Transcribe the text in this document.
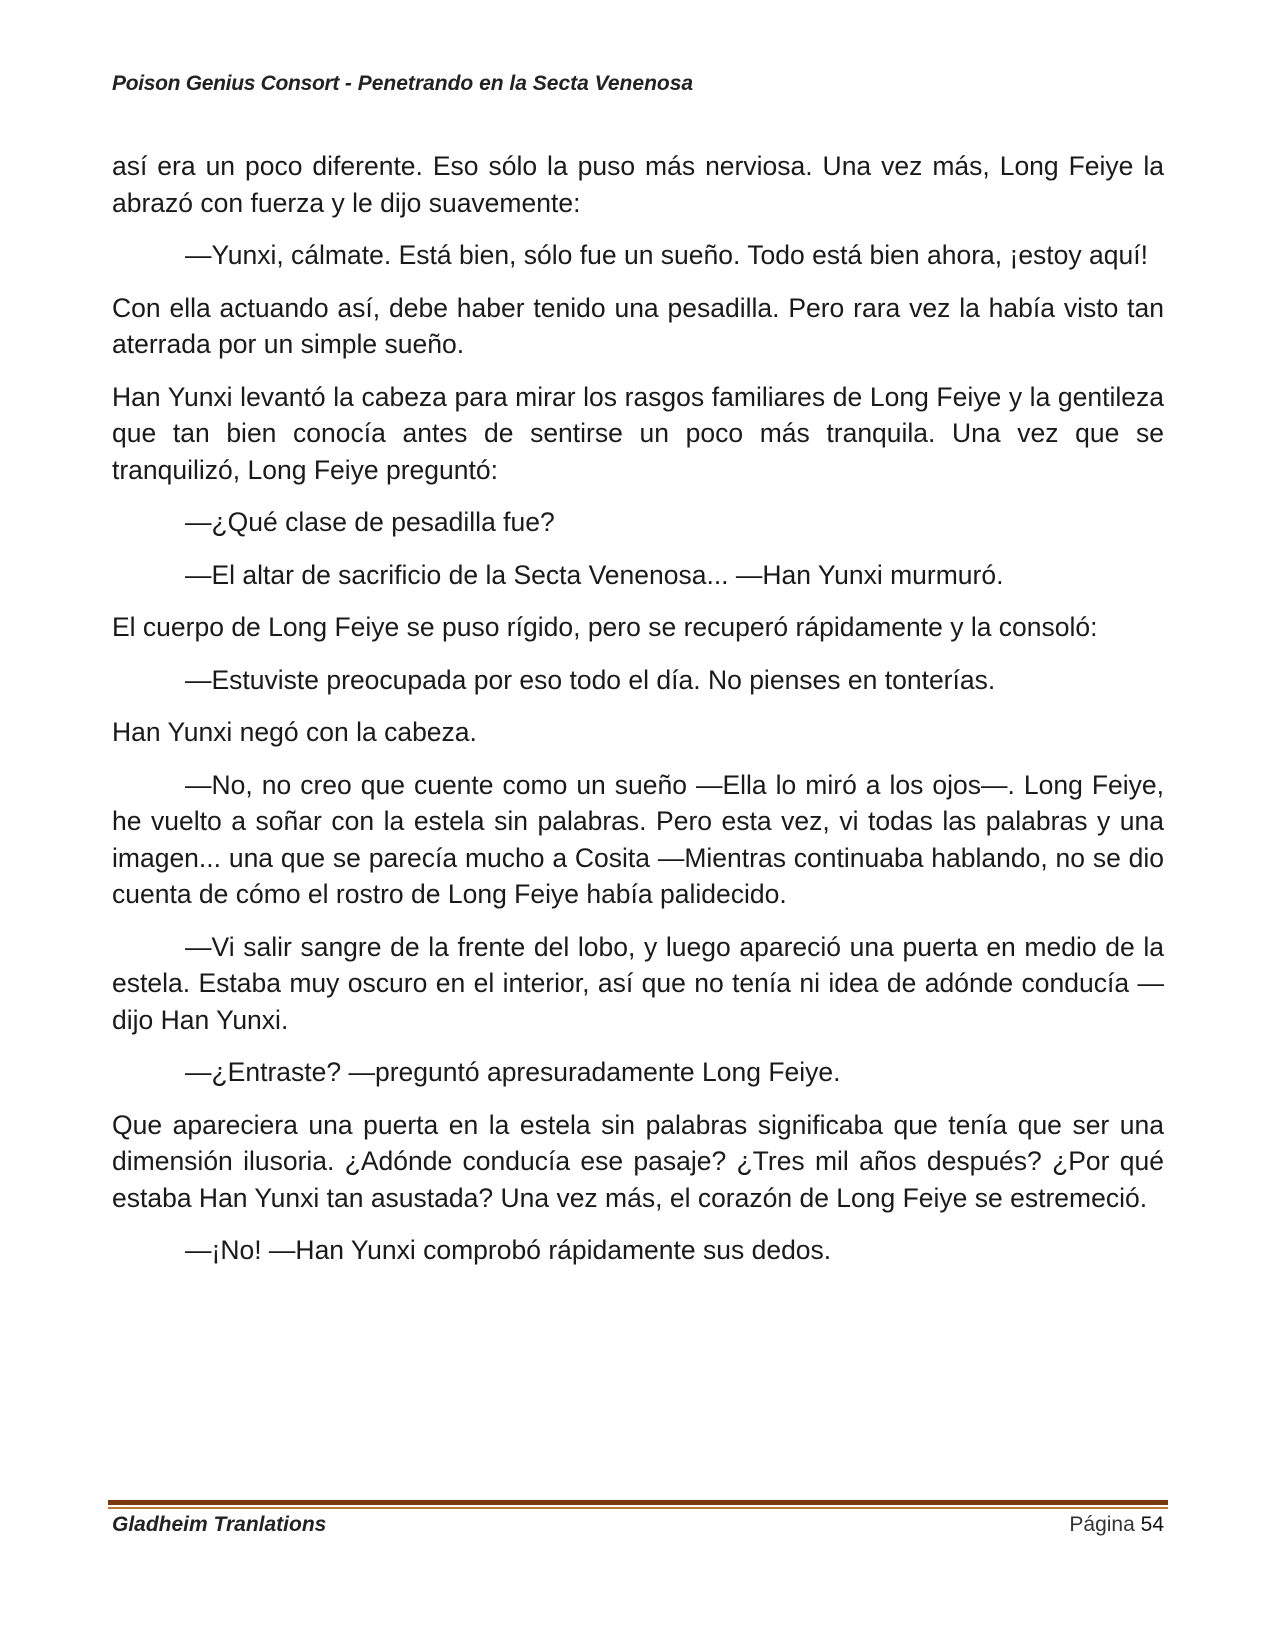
Poison Genius Consort - Penetrando en la Secta Venenosa

así era un poco diferente. Eso sólo la puso más nerviosa. Una vez más, Long Feiye la abrazó con fuerza y le dijo suavemente:

—Yunxi, cálmate. Está bien, sólo fue un sueño. Todo está bien ahora, ¡estoy aquí!

Con ella actuando así, debe haber tenido una pesadilla. Pero rara vez la había visto tan aterrada por un simple sueño.

Han Yunxi levantó la cabeza para mirar los rasgos familiares de Long Feiye y la gentileza que tan bien conocía antes de sentirse un poco más tranquila. Una vez que se tranquilizó, Long Feiye preguntó:

—¿Qué clase de pesadilla fue?

—El altar de sacrificio de la Secta Venenosa... —Han Yunxi murmuró.

El cuerpo de Long Feiye se puso rígido, pero se recuperó rápidamente y la consoló:

—Estuviste preocupada por eso todo el día. No pienses en tonterías.

Han Yunxi negó con la cabeza.

—No, no creo que cuente como un sueño —Ella lo miró a los ojos—. Long Feiye, he vuelto a soñar con la estela sin palabras. Pero esta vez, vi todas las palabras y una imagen... una que se parecía mucho a Cosita —Mientras continuaba hablando, no se dio cuenta de cómo el rostro de Long Feiye había palidecido.

—Vi salir sangre de la frente del lobo, y luego apareció una puerta en medio de la estela. Estaba muy oscuro en el interior, así que no tenía ni idea de adónde conducía —dijo Han Yunxi.

—¿Entraste? —preguntó apresuradamente Long Feiye.

Que apareciera una puerta en la estela sin palabras significaba que tenía que ser una dimensión ilusoria. ¿Adónde conducía ese pasaje? ¿Tres mil años después? ¿Por qué estaba Han Yunxi tan asustada? Una vez más, el corazón de Long Feiye se estremeció.

—¡No! —Han Yunxi comprobó rápidamente sus dedos.

Gladheim Tranlations	Página 54
